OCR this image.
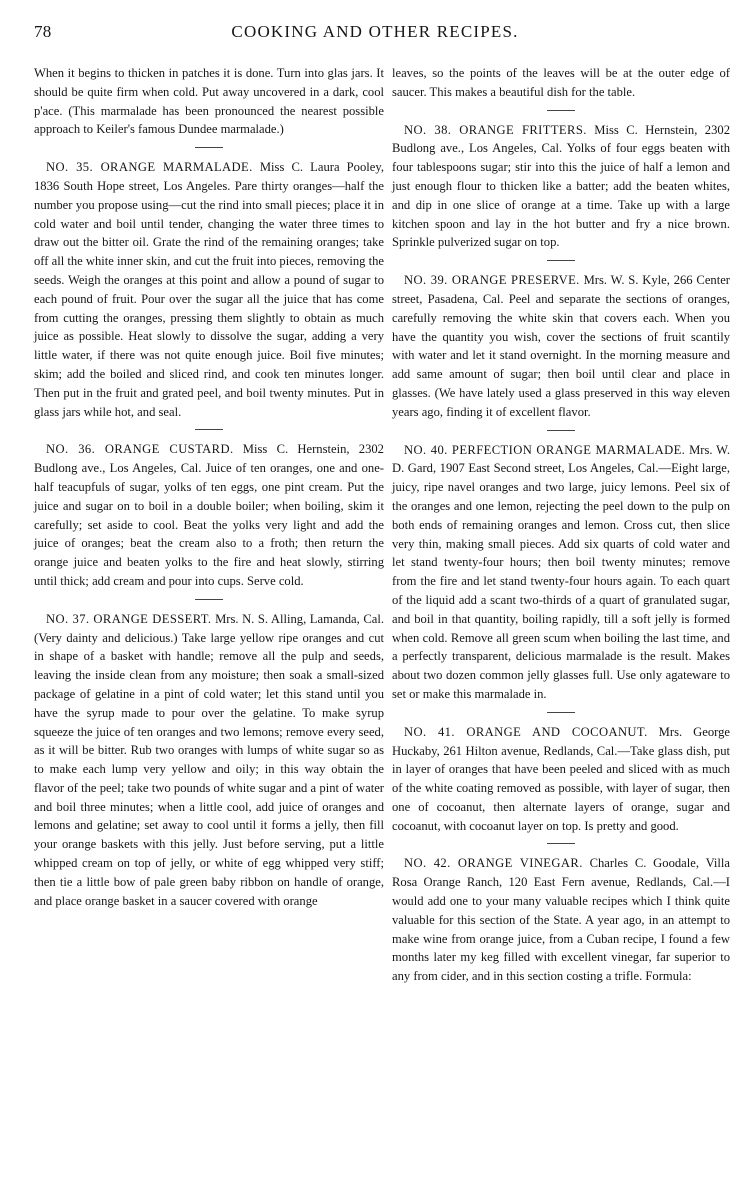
78	COOKING AND OTHER RECIPES.

When it begins to thicken in patches it is done. Turn into glas jars. It should be quite firm when cold. Put away uncovered in a dark, cool p'ace. (This marmalade has been pronounced the nearest possible approach to Keiler's famous Dundee marmalade.)

NO. 35. ORANGE MARMALADE. Miss C. Laura Pooley, 1836 South Hope street, Los Angeles. Pare thirty oranges—half the number you propose using—cut the rind into small pieces; place it in cold water and boil until tender, changing the water three times to draw out the bitter oil. Grate the rind of the remaining oranges; take off all the white inner skin, and cut the fruit into pieces, removing the seeds. Weigh the oranges at this point and allow a pound of sugar to each pound of fruit. Pour over the sugar all the juice that has come from cutting the oranges, pressing them slightly to obtain as much juice as possible. Heat slowly to dissolve the sugar, adding a very little water, if there was not quite enough juice. Boil five minutes; skim; add the boiled and sliced rind, and cook ten minutes longer. Then put in the fruit and grated peel, and boil twenty minutes. Put in glass jars while hot, and seal.

NO. 36. ORANGE CUSTARD. Miss C. Hernstein, 2302 Budlong ave., Los Angeles, Cal. Juice of ten oranges, one and one-half teacupfuls of sugar, yolks of ten eggs, one pint cream. Put the juice and sugar on to boil in a double boiler; when boiling, skim it carefully; set aside to cool. Beat the yolks very light and add the juice of oranges; beat the cream also to a froth; then return the orange juice and beaten yolks to the fire and heat slowly, stirring until thick; add cream and pour into cups. Serve cold.

NO. 37. ORANGE DESSERT. Mrs. N. S. Alling, Lamanda, Cal. (Very dainty and delicious.) Take large yellow ripe oranges and cut in shape of a basket with handle; remove all the pulp and seeds, leaving the inside clean from any moisture; then soak a small-sized package of gelatine in a pint of cold water; let this stand until you have the syrup made to pour over the gelatine. To make syrup squeeze the juice of ten oranges and two lemons; remove every seed, as it will be bitter. Rub two oranges with lumps of white sugar so as to make each lump very yellow and oily; in this way obtain the flavor of the peel; take two pounds of white sugar and a pint of water and boil three minutes; when a little cool, add juice of oranges and lemons and gelatine; set away to cool until it forms a jelly, then fill your orange baskets with this jelly. Just before serving, put a little whipped cream on top of jelly, or white of egg whipped very stiff; then tie a little bow of pale green baby ribbon on handle of orange, and place orange basket in a saucer covered with orange

leaves, so the points of the leaves will be at the outer edge of saucer. This makes a beautiful dish for the table.

NO. 38. ORANGE FRITTERS. Miss C. Hernstein, 2302 Budlong ave., Los Angeles, Cal. Yolks of four eggs beaten with four tablespoons sugar; stir into this the juice of half a lemon and just enough flour to thicken like a batter; add the beaten whites, and dip in one slice of orange at a time. Take up with a large kitchen spoon and lay in the hot butter and fry a nice brown. Sprinkle pulverized sugar on top.

NO. 39. ORANGE PRESERVE. Mrs. W. S. Kyle, 266 Center street, Pasadena, Cal. Peel and separate the sections of oranges, carefully removing the white skin that covers each. When you have the quantity you wish, cover the sections of fruit scantily with water and let it stand overnight. In the morning measure and add same amount of sugar; then boil until clear and place in glasses. (We have lately used a glass preserved in this way eleven years ago, finding it of excellent flavor.

NO. 40. PERFECTION ORANGE MARMALADE. Mrs. W. D. Gard, 1907 East Second street, Los Angeles, Cal.—Eight large, juicy, ripe navel oranges and two large, juicy lemons. Peel six of the oranges and one lemon, rejecting the peel down to the pulp on both ends of remaining oranges and lemon. Cross cut, then slice very thin, making small pieces. Add six quarts of cold water and let stand twenty-four hours; then boil twenty minutes; remove from the fire and let stand twenty-four hours again. To each quart of the liquid add a scant two-thirds of a quart of granulated sugar, and boil in that quantity, boiling rapidly, till a soft jelly is formed when cold. Remove all green scum when boiling the last time, and a perfectly transparent, delicious marmalade is the result. Makes about two dozen common jelly glasses full. Use only agateware to set or make this marmalade in.

NO. 41. ORANGE AND COCOANUT. Mrs. George Huckaby, 261 Hilton avenue, Redlands, Cal.—Take glass dish, put in layer of oranges that have been peeled and sliced with as much of the white coating removed as possible, with layer of sugar, then one of cocoanut, then alternate layers of orange, sugar and cocoanut, with cocoanut layer on top. Is pretty and good.

NO. 42. ORANGE VINEGAR. Charles C. Goodale, Villa Rosa Orange Ranch, 120 East Fern avenue, Redlands, Cal.—I would add one to your many valuable recipes which I think quite valuable for this section of the State. A year ago, in an attempt to make wine from orange juice, from a Cuban recipe, I found a few months later my keg filled with excellent vinegar, far superior to any from cider, and in this section costing a trifle. Formula:
